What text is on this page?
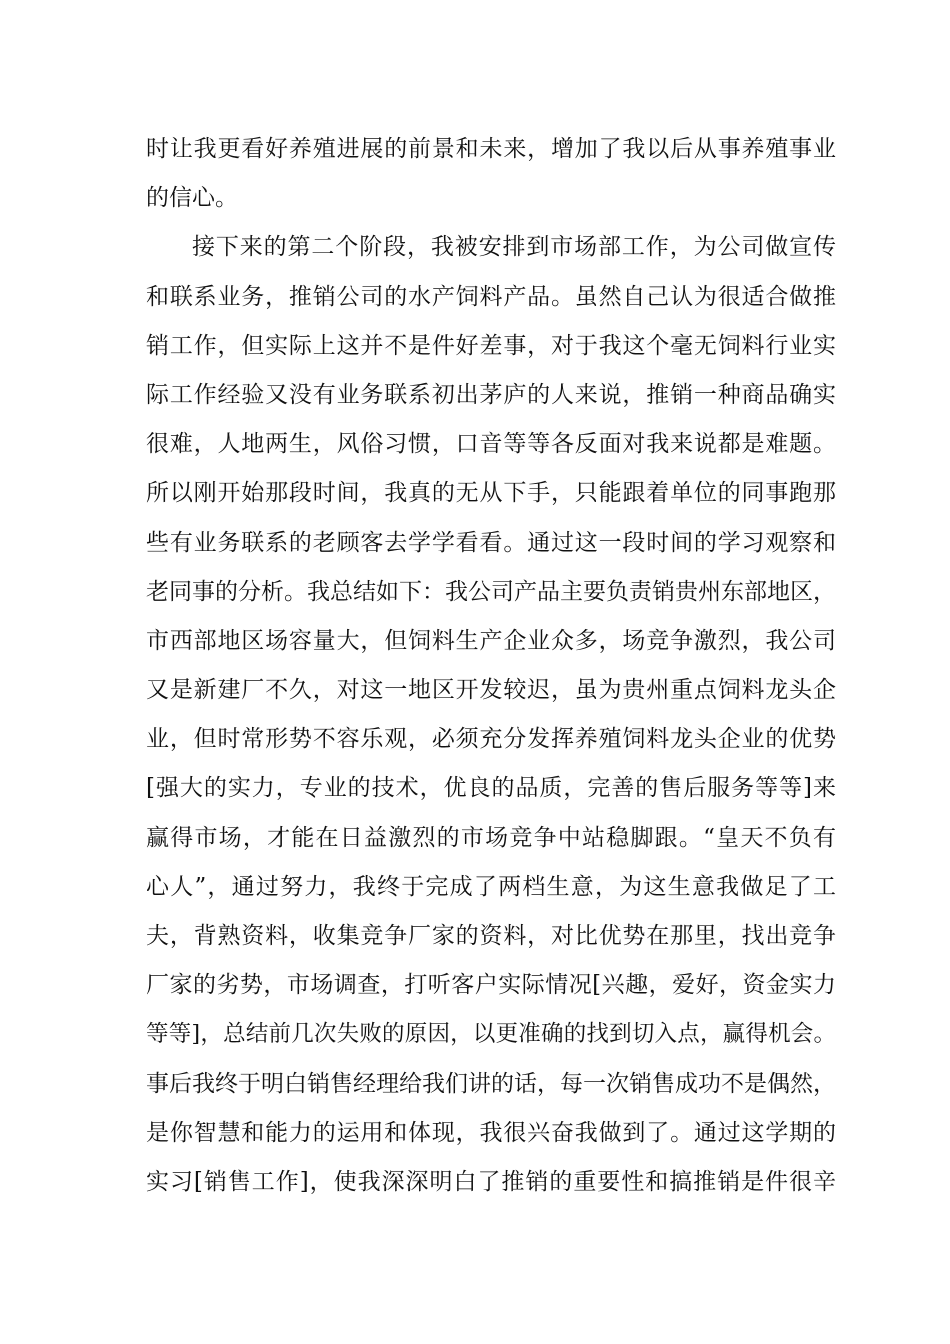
时让我更看好养殖进展的前景和未来，增加了我以后从事养殖事业
的信心。
接下来的第二个阶段，我被安排到市场部工作，为公司做宣传
和联系业务，推销公司的水产饲料产品。虽然自己认为很适合做推
销工作，但实际上这并不是件好差事，对于我这个毫无饲料行业实
际工作经验又没有业务联系初出茅庐的人来说，推销一种商品确实
很难，人地两生，风俗习惯，口音等等各反面对我来说都是难题。
所以刚开始那段时间，我真的无从下手，只能跟着单位的同事跑那
些有业务联系的老顾客去学学看看。通过这一段时间的学习观察和
老同事的分析。我总结如下：我公司产品主要负责销贵州东部地区，
市西部地区场容量大，但饲料生产企业众多，场竞争激烈，我公司
又是新建厂不久，对这一地区开发较迟，虽为贵州重点饲料龙头企
业，但时常形势不容乐观，必须充分发挥养殖饲料龙头企业的优势
[强大的实力，专业的技术，优良的品质，完善的售后服务等等]来
赢得市场，才能在日益激烈的市场竞争中站稳脚跟。“皇天不负有
心人”，通过努力，我终于完成了两档生意，为这生意我做足了工
夫，背熟资料，收集竞争厂家的资料，对比优势在那里，找出竞争
厂家的劣势，市场调查，打听客户实际情况[兴趣，爱好，资金实力
等等]，总结前几次失败的原因，以更准确的找到切入点，赢得机会。
事后我终于明白销售经理给我们讲的话，每一次销售成功不是偶然，
是你智慧和能力的运用和体现，我很兴奋我做到了。通过这学期的
实习[销售工作]，使我深深明白了推销的重要性和搞推销是件很辛
